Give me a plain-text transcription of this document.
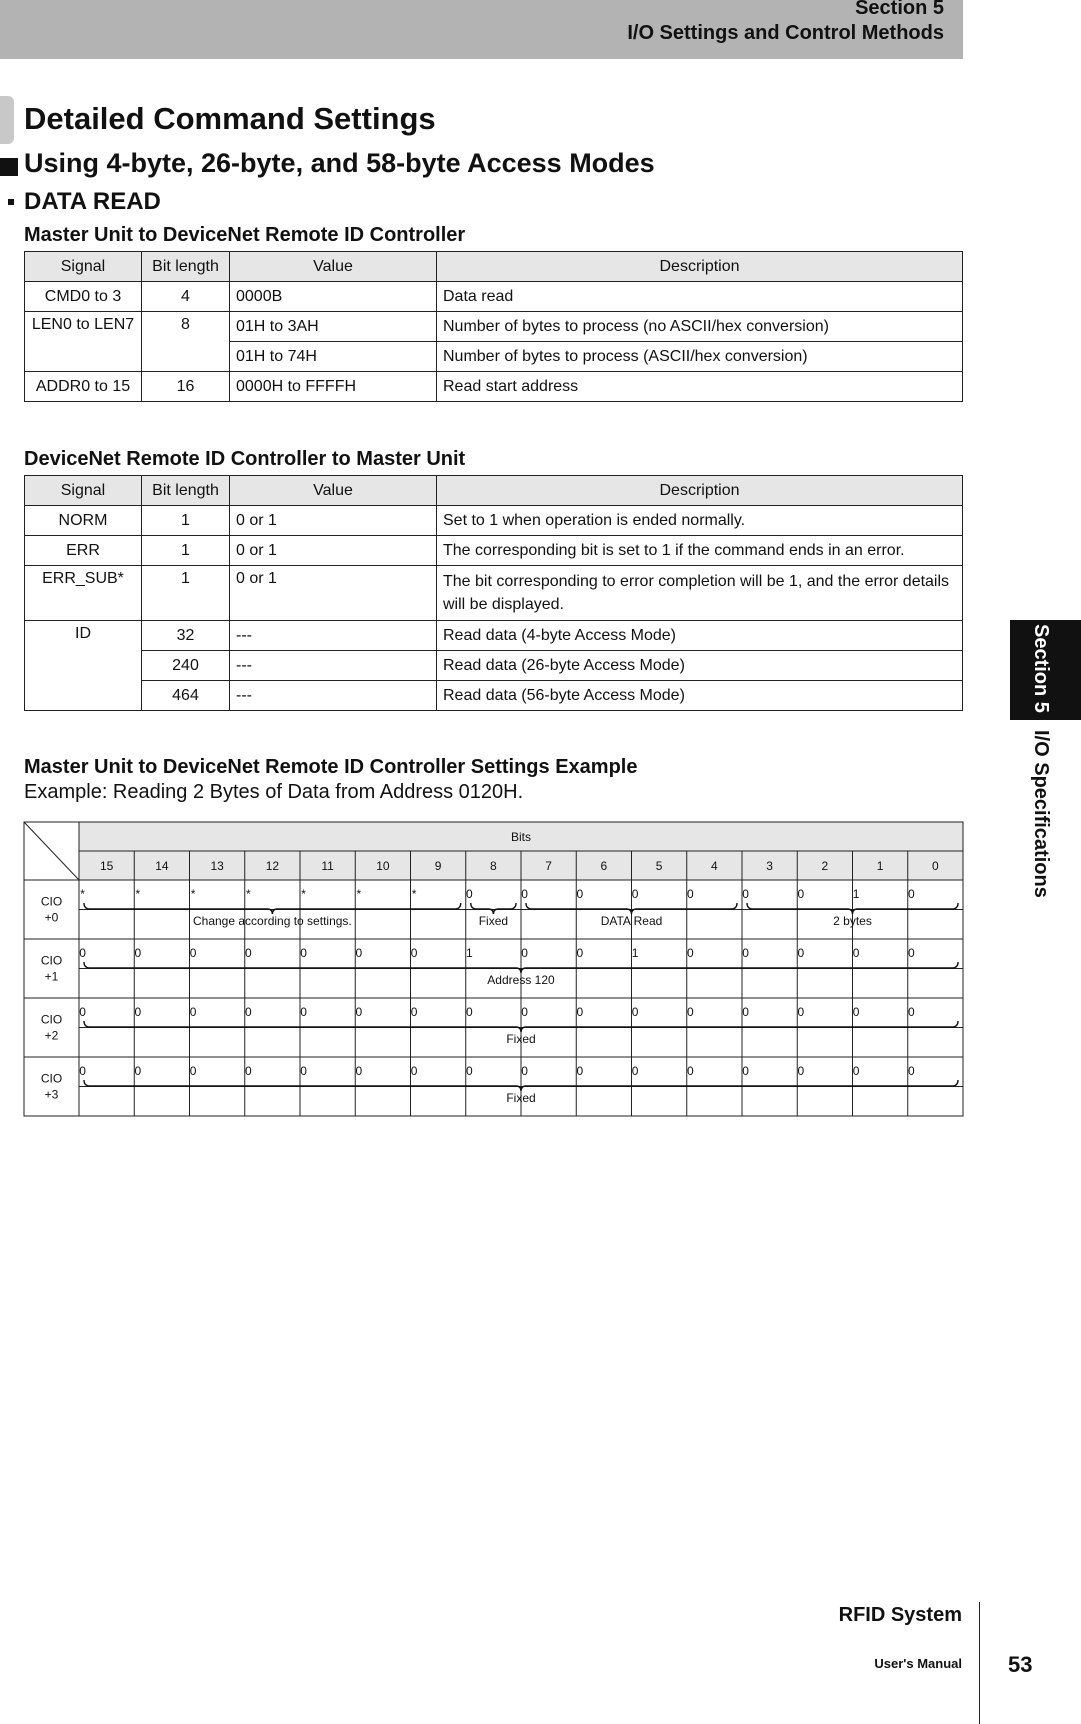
Section 5
I/O Settings and Control Methods
Detailed Command Settings
Using 4-byte, 26-byte, and 58-byte Access Modes
DATA READ
Master Unit to DeviceNet Remote ID Controller
Signal	Bit length	Value	Description
CMD0 to 3	4	0000B	Data read
LEN0 to LEN7	8	01H to 3AH	Number of bytes to process (no ASCII/hex conversion)
		01H to 74H	Number of bytes to process (ASCII/hex conversion)
ADDR0 to 15	16	0000H to FFFFH	Read start address
DeviceNet Remote ID Controller to Master Unit
Signal	Bit length	Value	Description
NORM	1	0 or 1	Set to 1 when operation is ended normally.
ERR	1	0 or 1	The corresponding bit is set to 1 if the command ends in an error.
ERR_SUB*	1	0 or 1	The bit corresponding to error completion will be 1, and the error details will be displayed.
ID	32	---	Read data (4-byte Access Mode)
	240	---	Read data (26-byte Access Mode)
	464	---	Read data (56-byte Access Mode)
Master Unit to DeviceNet Remote ID Controller Settings Example
Example: Reading 2 Bytes of Data from Address 0120H.
Bits
15	14	13	12	11	10	9	8	7	6	5	4	3	2	1	0
CIO
+0
*	*	*	*	*	*	*	0	0	0	0	0	0	0	1	0
CIO
+1
0	0	0	0	0	0	0	1	0	0	1	0	0	0	0	0
CIO
+2
0	0	0	0	0	0	0	0	0	0	0	0	0	0	0	0
CIO
+3
0	0	0	0	0	0	0	0	0	0	0	0	0	0	0	0
Change according to settings.	Fixed	DATA Read	2 bytes
Address 120
Fixed
Fixed
Section 5 I/O Specifications
RFID System
User's Manual 53
